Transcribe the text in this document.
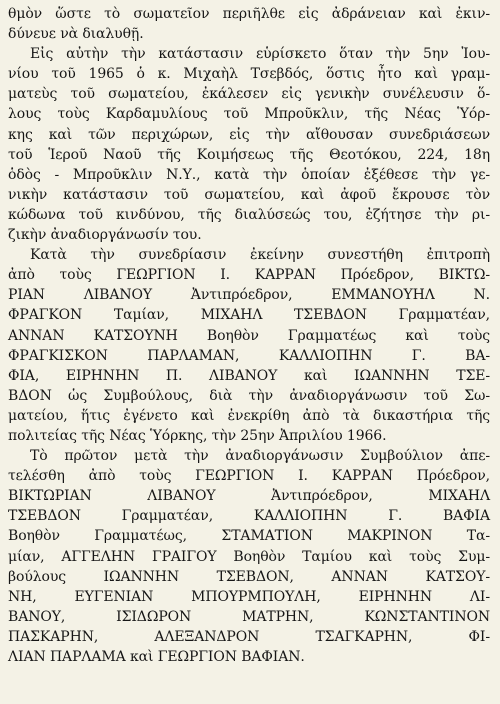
θμὸν ὥστε τὸ σωματεῖον περιῆλθε εἰς ἀδράνειαν καὶ ἐκιν-
δύνευε νὰ διαλυθῇ.
Εἰς αὐτὴν τὴν κατάστασιν εὑρίσκετο ὅταν τὴν 5ην Ἰου-
νίου τοῦ 1965 ὁ κ. Μιχαὴλ Τσεβδός, ὅστις ἦτο καὶ γραμ-
ματεὺς τοῦ σωματείου, ἐκάλεσεν εἰς γενικὴν συνέλευσιν ὅ-
λους τοὺς Καρδαμυλίους τοῦ Μπροῦκλιν, τῆς Νέας Ὑόρ-
κης καὶ τῶν περιχώρων, εἰς τὴν αἴθουσαν συνεδριάσεων
τοῦ Ἱεροῦ Ναοῦ τῆς Κοιμήσεως τῆς Θεοτόκου, 224, 18η
ὁδὸς - Μπροῦκλιν Ν.Υ., κατὰ τὴν ὁποίαν ἐξέθεσε τὴν γε-
νικὴν κατάστασιν τοῦ σωματείου, καὶ ἀφοῦ ἔκρουσε τὸν
κώδωνα τοῦ κινδύνου, τῆς διαλύσεώς του, ἐζήτησε τὴν ρι-
ζικὴν ἀναδιοργάνωσίν του.
Κατὰ τὴν συνεδρίασιν ἐκείνην συνεστήθη ἐπιτροπὴ
ἀπὸ τοὺς ΓΕΩΡΓΙΟΝ Ι. ΚΑΡΡΑΝ Πρόεδρον, ΒΙΚΤΩ-
ΡΙΑΝ ΛΙΒΑΝΟΥ Ἀντιπρόεδρον, ΕΜΜΑΝΟΥΗΛ Ν.
ΦΡΑΓΚΟΝ Ταμίαν, ΜΙΧΑΗΛ ΤΣΕΒΔΟΝ Γραμματέαν,
ΑΝΝΑΝ ΚΑΤΣΟΥΝΗ Βοηθὸν Γραμματέως καὶ τοὺς
ΦΡΑΓΚΙΣΚΟΝ ΠΑΡΛΑΜΑΝ, ΚΑΛΛΙΟΠΗΝ Γ. ΒΑ-
ΦΙΑ, ΕΙΡΗΝΗΝ Π. ΛΙΒΑΝΟΥ καὶ ΙΩΑΝΝΗΝ ΤΣΕ-
ΒΔΟΝ ὡς Συμβούλους, διὰ τὴν ἀναδιοργάνωσιν τοῦ Σω-
ματείου, ἥτις ἐγένετο καὶ ἐνεκρίθη ἀπὸ τὰ δικαστήρια τῆς
πολιτείας τῆς Νέας Ὑόρκης, τὴν 25ην Ἀπριλίου 1966.
Τὸ πρῶτον μετὰ τὴν ἀναδιοργάνωσιν Συμβούλιον ἀπε-
τελέσθη ἀπὸ τοὺς ΓΕΩΡΓΙΟΝ Ι. ΚΑΡΡΑΝ Πρόεδρον,
ΒΙΚΤΩΡΙΑΝ ΛΙΒΑΝΟΥ Ἀντιπρόεδρον, ΜΙΧΑΗΛ
ΤΣΕΒΔΟΝ Γραμματέαν, ΚΑΛΛΙΟΠΗΝ Γ. ΒΑΦΙΑ
Βοηθὸν Γραμματέως, ΣΤΑΜΑΤΙΟΝ ΜΑΚΡΙΝΟΝ Τα-
μίαν, ΑΓΓΕΛΗΝ ΓΡΑΙΓΟΥ Βοηθὸν Ταμίου καὶ τοὺς Συμ-
βούλους ΙΩΑΝΝΗΝ ΤΣΕΒΔΟΝ, ΑΝΝΑΝ ΚΑΤΣΟΥ-
ΝΗ, ΕΥΓΕΝΙΑΝ ΜΠΟΥΡΜΠΟΥΛΗ, ΕΙΡΗΝΗΝ ΛΙ-
ΒΑΝΟΥ, ΙΣΙΔΩΡΟΝ ΜΑΤΡΗΝ, ΚΩΝΣΤΑΝΤΙΝΟΝ
ΠΑΣΚΑΡΗΝ, ΑΛΕΞΑΝΔΡΟΝ ΤΣΑΓΚΑΡΗΝ, ΦΙ-
ΛΙΑΝ ΠΑΡΛΑΜΑ καὶ ΓΕΩΡΓΙΟΝ ΒΑΦΙΑΝ.
